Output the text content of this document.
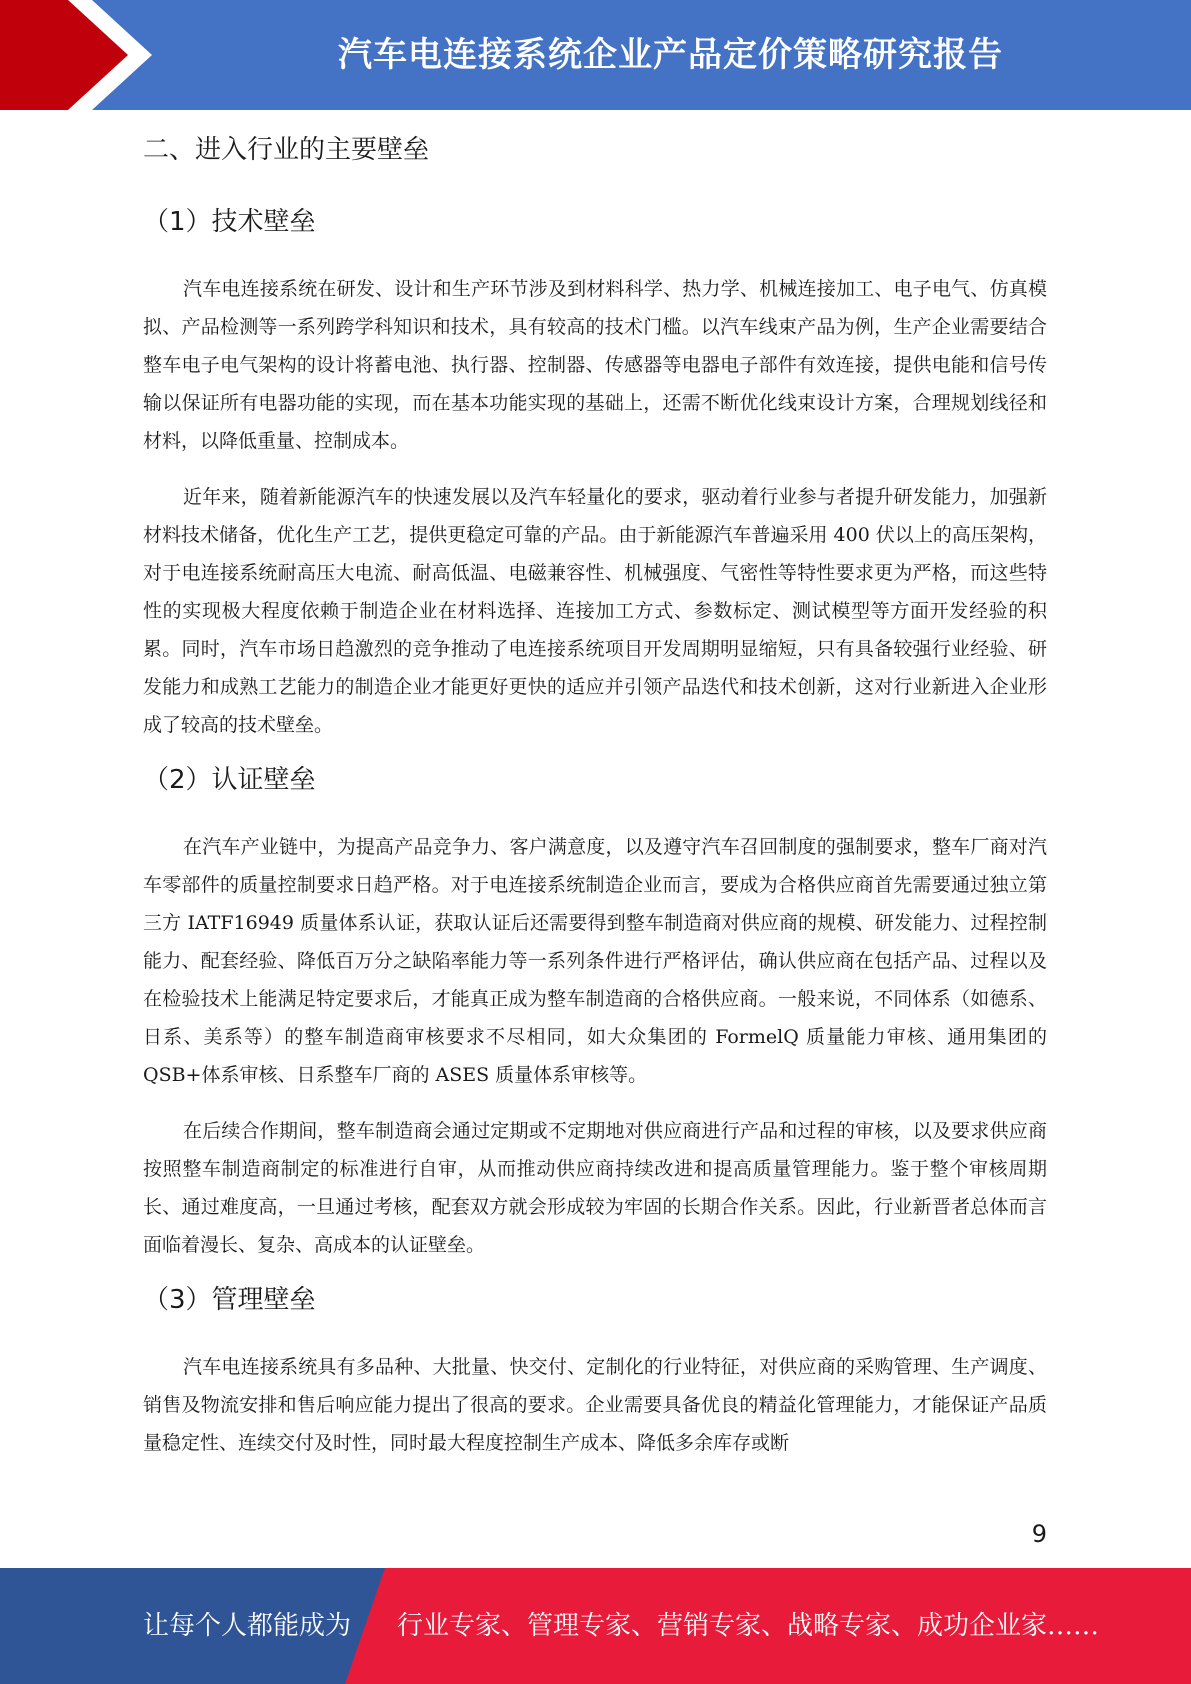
汽车电连接系统企业产品定价策略研究报告
二、进入行业的主要壁垒
（1）技术壁垒

汽车电连接系统在研发、设计和生产环节涉及到材料科学、热力学、机械连接加工、电子电气、仿真模拟、产品检测等一系列跨学科知识和技术，具有较高的技术门槛。以汽车线束产品为例，生产企业需要结合整车电子电气架构的设计将蓄电池、执行器、控制器、传感器等电器电子部件有效连接，提供电能和信号传输以保证所有电器功能的实现，而在基本功能实现的基础上，还需不断优化线束设计方案，合理规划线径和材料，以降低重量、控制成本。

近年来，随着新能源汽车的快速发展以及汽车轻量化的要求，驱动着行业参与者提升研发能力，加强新材料技术储备，优化生产工艺，提供更稳定可靠的产品。由于新能源汽车普遍采用 400 伏以上的高压架构，对于电连接系统耐高压大电流、耐高低温、电磁兼容性、机械强度、气密性等特性要求更为严格，而这些特性的实现极大程度依赖于制造企业在材料选择、连接加工方式、参数标定、测试模型等方面开发经验的积累。同时，汽车市场日趋激烈的竞争推动了电连接系统项目开发周期明显缩短，只有具备较强行业经验、研发能力和成熟工艺能力的制造企业才能更好更快的适应并引领产品迭代和技术创新，这对行业新进入企业形成了较高的技术壁垒。

（2）认证壁垒

在汽车产业链中，为提高产品竞争力、客户满意度，以及遵守汽车召回制度的强制要求，整车厂商对汽车零部件的质量控制要求日趋严格。对于电连接系统制造企业而言，要成为合格供应商首先需要通过独立第三方 IATF16949 质量体系认证，获取认证后还需要得到整车制造商对供应商的规模、研发能力、过程控制能力、配套经验、降低百万分之缺陷率能力等一系列条件进行严格评估，确认供应商在包括产品、过程以及在检验技术上能满足特定要求后，才能真正成为整车制造商的合格供应商。一般来说，不同体系（如德系、日系、美系等）的整车制造商审核要求不尽相同，如大众集团的 FormelQ 质量能力审核、通用集团的 QSB+体系审核、日系整车厂商的 ASES 质量体系审核等。

在后续合作期间，整车制造商会通过定期或不定期地对供应商进行产品和过程的审核，以及要求供应商按照整车制造商制定的标准进行自审，从而推动供应商持续改进和提高质量管理能力。鉴于整个审核周期长、通过难度高，一旦通过考核，配套双方就会形成较为牢固的长期合作关系。因此，行业新晋者总体而言面临着漫长、复杂、高成本的认证壁垒。

（3）管理壁垒

汽车电连接系统具有多品种、大批量、快交付、定制化的行业特征，对供应商的采购管理、生产调度、销售及物流安排和售后响应能力提出了很高的要求。企业需要具备优良的精益化管理能力，才能保证产品质量稳定性、连续交付及时性，同时最大程度控制生产成本、降低多余库存或断

9
让每个人都能成为 行业专家、管理专家、营销专家、战略专家、成功企业家……
